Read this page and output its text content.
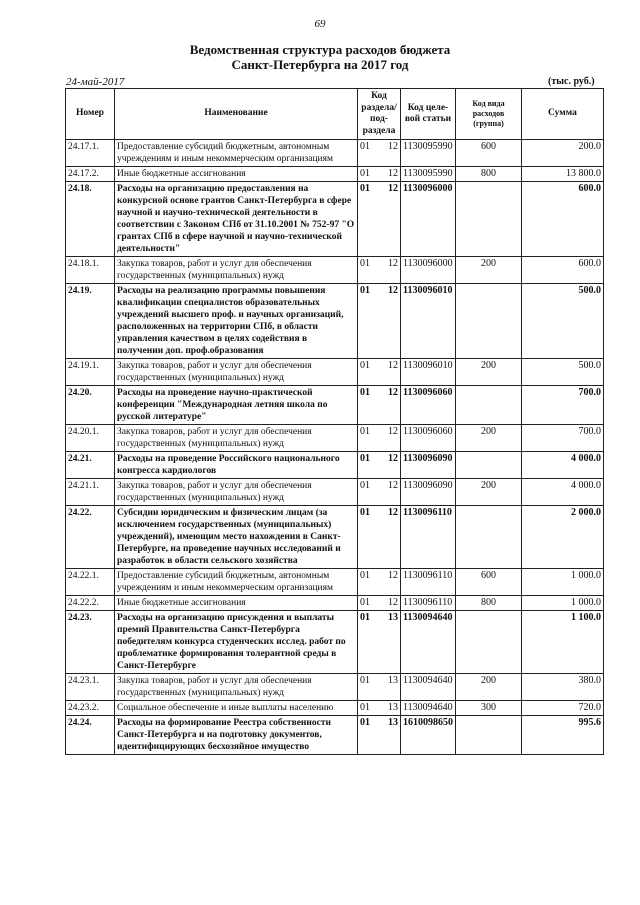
69
Ведомственная структура расходов бюджета
Санкт-Петербурга на 2017 год
24-май-2017	(тыс. руб.)
Номер	Наименование	Код раздела/ под- раздела	Код целе- вой статьи	Код вида расходов (группа)	Сумма
24.17.1.	Предоставление субсидий бюджетным, автономным учреждениям и иным некоммерческим организациям	01 12	1130095990	600	200.0
24.17.2.	Иные бюджетные ассигнования	01 12	1130095990	800	13 800.0
24.18.	Расходы на организацию предоставления на конкурсной основе грантов Санкт-Петербурга в сфере научной и научно-технической деятельности в соответствии с Законом СПб от 31.10.2001 № 752-97 "О грантах СПб в сфере научной и научно-технической деятельности"	01 12	1130096000		600.0
24.18.1.	Закупка товаров, работ и услуг для обеспечения государственных (муниципальных) нужд	01 12	1130096000	200	600.0
24.19.	Расходы на реализацию программы повышения квалификации специалистов образовательных учреждений высшего проф. и научных организаций, расположенных на территории СПб, в области управления качеством в целях содействия в получении доп. проф.образования	01 12	1130096010		500.0
24.19.1.	Закупка товаров, работ и услуг для обеспечения государственных (муниципальных) нужд	01 12	1130096010	200	500.0
24.20.	Расходы на проведение научно-практической конференции "Международная летняя школа по русской литературе"	01 12	1130096060		700.0
24.20.1.	Закупка товаров, работ и услуг для обеспечения государственных (муниципальных) нужд	01 12	1130096060	200	700.0
24.21.	Расходы на проведение Российского национального конгресса кардиологов	01 12	1130096090		4 000.0
24.21.1.	Закупка товаров, работ и услуг для обеспечения государственных (муниципальных) нужд	01 12	1130096090	200	4 000.0
24.22.	Субсидии юридическим и физическим лицам (за исключением государственных (муниципальных) учреждений), имеющим место нахождения в Санкт-Петербурге, на проведение научных исследований и разработок в области сельского хозяйства	01 12	1130096110		2 000.0
24.22.1.	Предоставление субсидий бюджетным, автономным учреждениям и иным некоммерческим организациям	01 12	1130096110	600	1 000.0
24.22.2.	Иные бюджетные ассигнования	01 12	1130096110	800	1 000.0
24.23.	Расходы на организацию присуждения и выплаты премий Правительства Санкт-Петербурга победителям конкурса студенческих исслед. работ по проблематике формирования толерантной среды в Санкт-Петербурге	01 13	1130094640		1 100.0
24.23.1.	Закупка товаров, работ и услуг для обеспечения государственных (муниципальных) нужд	01 13	1130094640	200	380.0
24.23.2.	Социальное обеспечение и иные выплаты населению	01 13	1130094640	300	720.0
24.24.	Расходы на формирование Реестра собственности Санкт-Петербурга и на подготовку документов, идентифицирующих бесхозяйное имущество	01 13	1610098650		995.6
